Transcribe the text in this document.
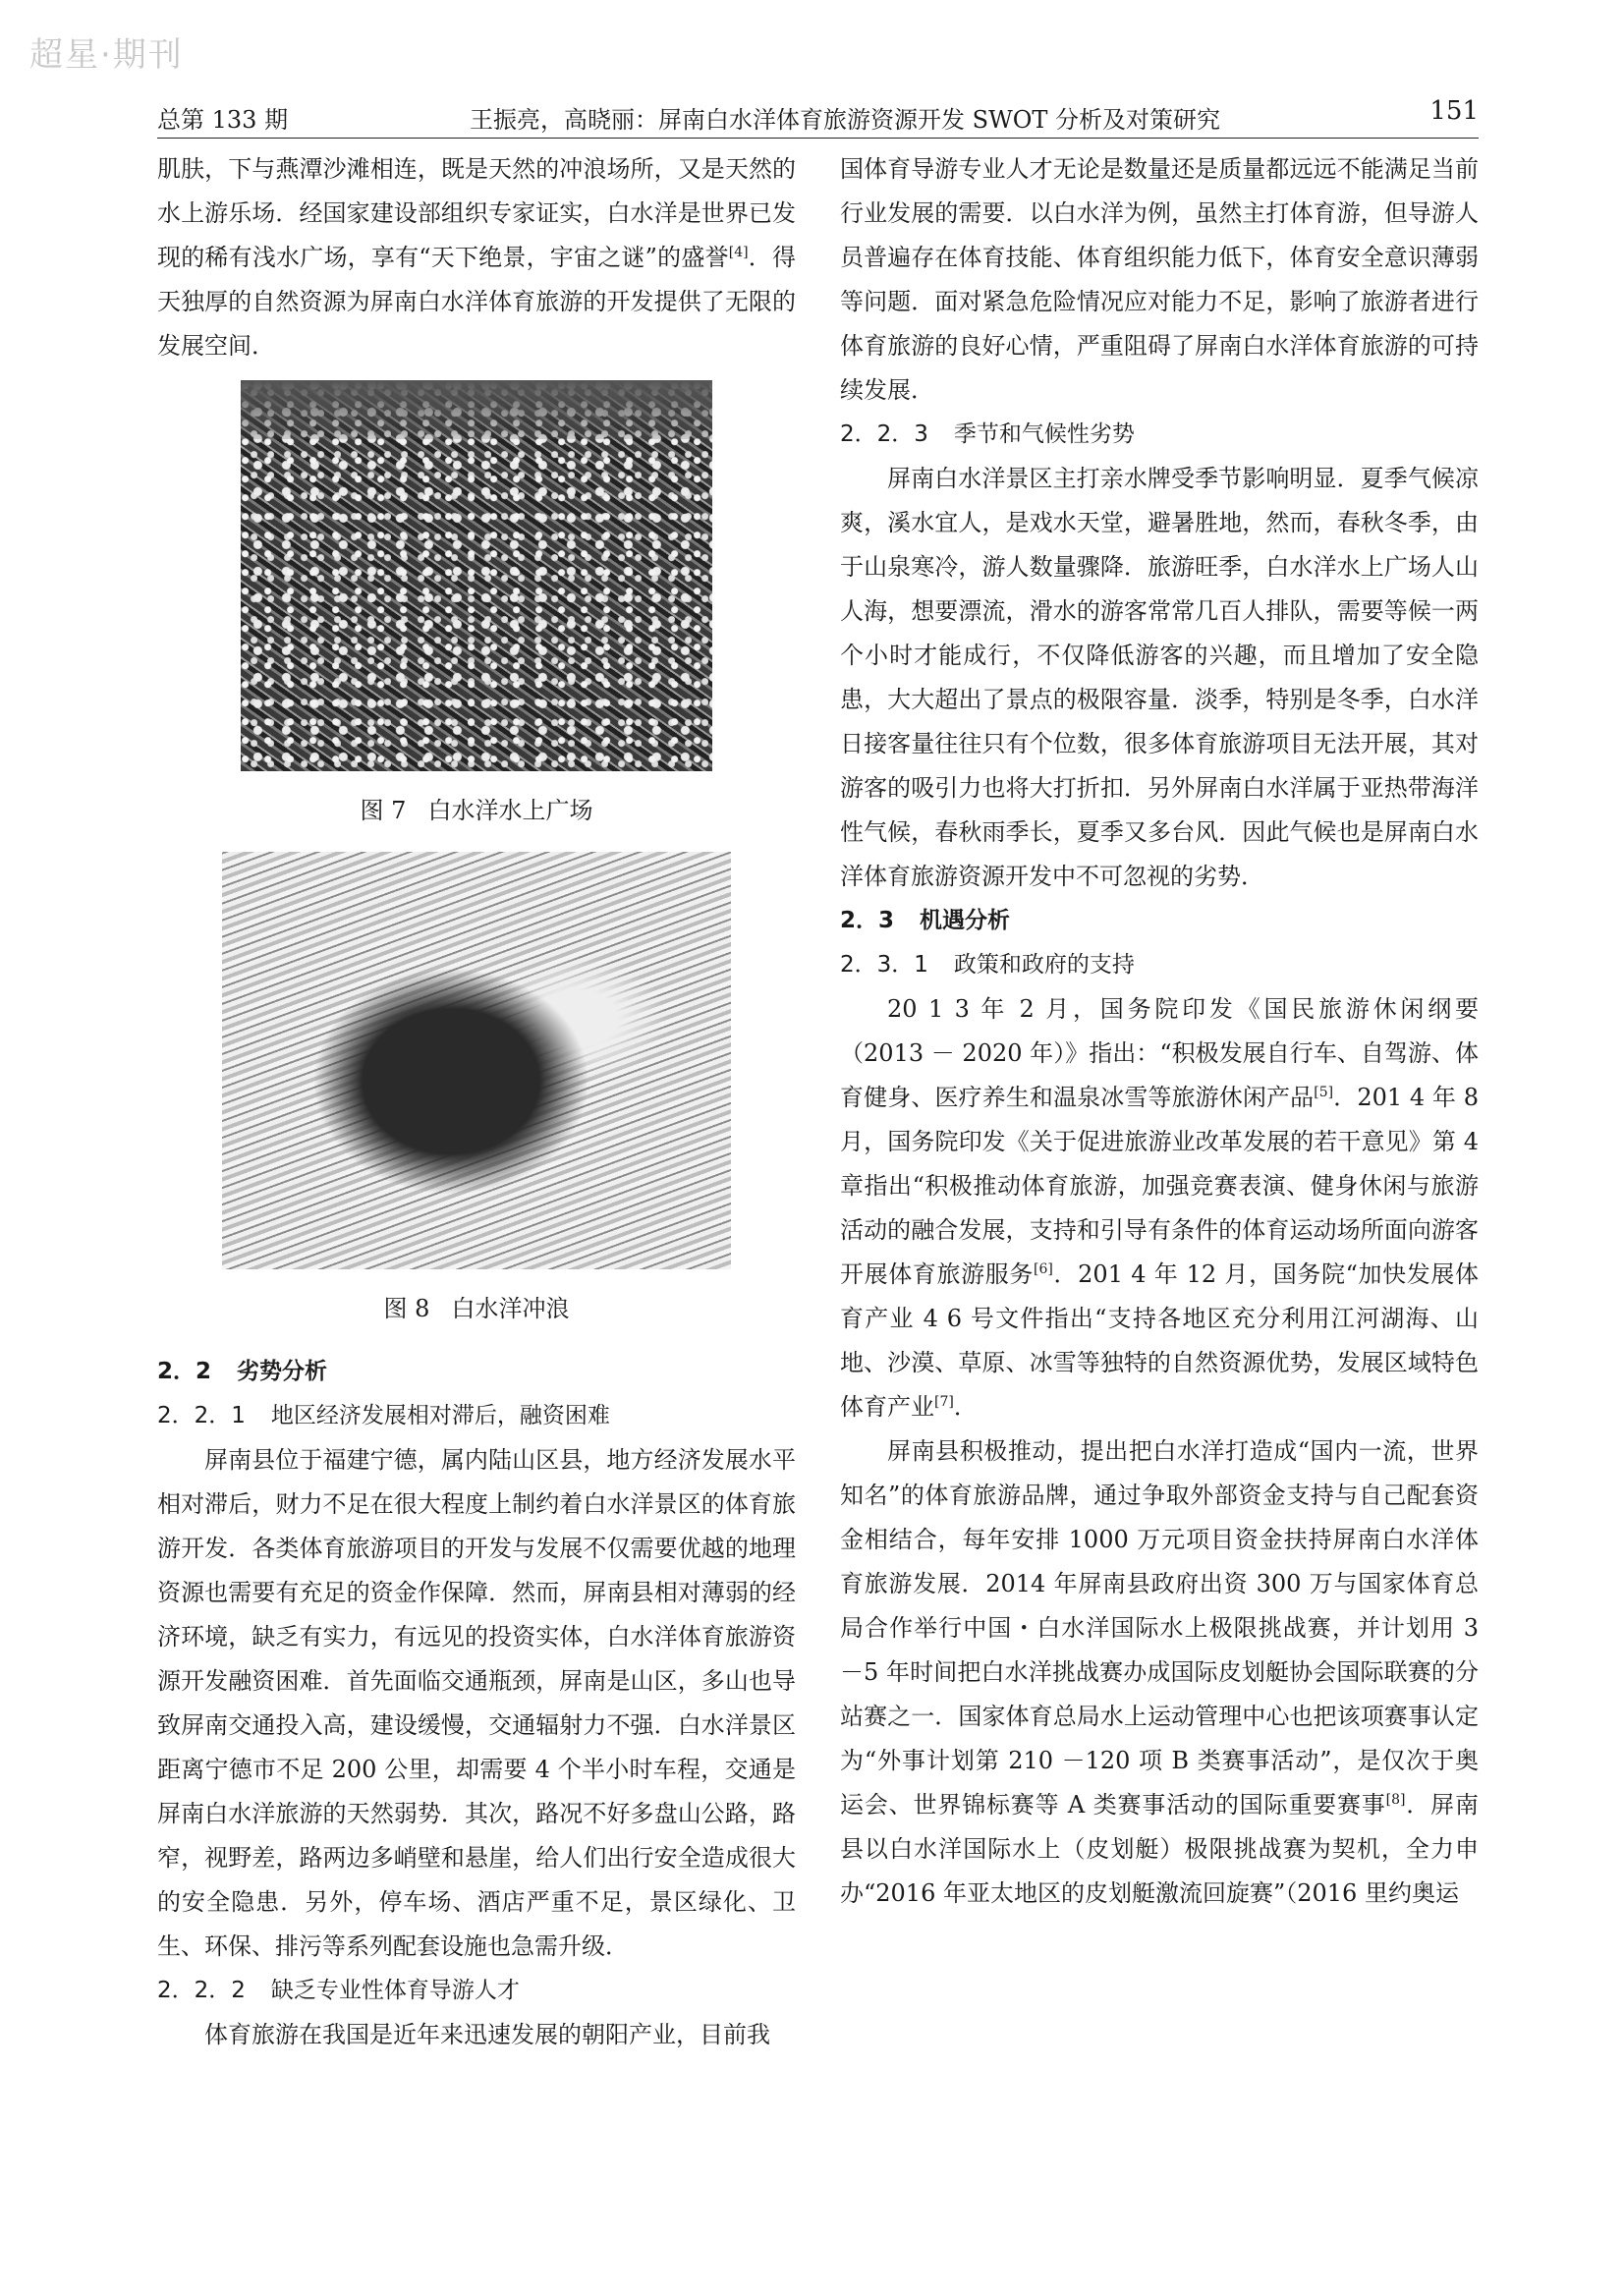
超星·期刊
总第 133 期	王振亮，高晓丽：屏南白水洋体育旅游资源开发 SWOT 分析及对策研究	151

肌肤，下与燕潭沙滩相连，既是天然的冲浪场所，又是天然的水上游乐场．经国家建设部组织专家证实，白水洋是世界已发现的稀有浅水广场，享有“天下绝景，宇宙之谜”的盛誉[4]．得天独厚的自然资源为屏南白水洋体育旅游的开发提供了无限的发展空间．

图 7 白水洋水上广场
图 8 白水洋冲浪
2．2 劣势分析
2．2．1 地区经济发展相对滞后，融资困难

屏南县位于福建宁德，属内陆山区县，地方经济发展水平相对滞后，财力不足在很大程度上制约着白水洋景区的体育旅游开发．各类体育旅游项目的开发与发展不仅需要优越的地理资源也需要有充足的资金作保障．然而，屏南县相对薄弱的经济环境，缺乏有实力，有远见的投资实体，白水洋体育旅游资源开发融资困难．首先面临交通瓶颈，屏南是山区，多山也导致屏南交通投入高，建设缓慢，交通辐射力不强．白水洋景区距离宁德市不足 200 公里，却需要 4 个半小时车程，交通是屏南白水洋旅游的天然弱势．其次，路况不好多盘山公路，路窄，视野差，路两边多峭壁和悬崖，给人们出行安全造成很大的安全隐患．另外，停车场、酒店严重不足，景区绿化、卫生、环保、排污等系列配套设施也急需升级．

2．2．2 缺乏专业性体育导游人才

体育旅游在我国是近年来迅速发展的朝阳产业，目前我

国体育导游专业人才无论是数量还是质量都远远不能满足当前行业发展的需要．以白水洋为例，虽然主打体育游，但导游人员普遍存在体育技能、体育组织能力低下，体育安全意识薄弱等问题．面对紧急危险情况应对能力不足，影响了旅游者进行体育旅游的良好心情，严重阻碍了屏南白水洋体育旅游的可持续发展．

2．2．3 季节和气候性劣势

屏南白水洋景区主打亲水牌受季节影响明显．夏季气候凉爽，溪水宜人，是戏水天堂，避暑胜地，然而，春秋冬季，由于山泉寒冷，游人数量骤降．旅游旺季，白水洋水上广场人山人海，想要漂流，滑水的游客常常几百人排队，需要等候一两个小时才能成行，不仅降低游客的兴趣，而且增加了安全隐患，大大超出了景点的极限容量．淡季，特别是冬季，白水洋日接客量往往只有个位数，很多体育旅游项目无法开展，其对游客的吸引力也将大打折扣．另外屏南白水洋属于亚热带海洋性气候，春秋雨季长，夏季又多台风．因此气候也是屏南白水洋体育旅游资源开发中不可忽视的劣势．

2．3 机遇分析
2．3．1 政策和政府的支持

20 1 3 年 2 月，国务院印发《国民旅游休闲纲要（2013 － 2020 年）》指出：“积极发展自行车、自驾游、体育健身、医疗养生和温泉冰雪等旅游休闲产品[5]．201 4 年 8 月，国务院印发《关于促进旅游业改革发展的若干意见》第 4 章指出“积极推动体育旅游，加强竞赛表演、健身休闲与旅游活动的融合发展，支持和引导有条件的体育运动场所面向游客开展体育旅游服务[6]．201 4 年 12 月，国务院“加快发展体育产业 4 6 号文件指出“支持各地区充分利用江河湖海、山地、沙漠、草原、冰雪等独特的自然资源优势，发展区域特色体育产业[7]．

屏南县积极推动，提出把白水洋打造成“国内一流，世界知名”的体育旅游品牌，通过争取外部资金支持与自己配套资金相结合，每年安排 1000 万元项目资金扶持屏南白水洋体育旅游发展．2014 年屏南县政府出资 300 万与国家体育总局合作举行中国・白水洋国际水上极限挑战赛，并计划用 3 －5 年时间把白水洋挑战赛办成国际皮划艇协会国际联赛的分站赛之一．国家体育总局水上运动管理中心也把该项赛事认定为“外事计划第 210 －120 项 B 类赛事活动”，是仅次于奥运会、世界锦标赛等 A 类赛事活动的国际重要赛事[8]．屏南县以白水洋国际水上（皮划艇）极限挑战赛为契机，全力申办“2016 年亚太地区的皮划艇激流回旋赛”（2016 里约奥运
